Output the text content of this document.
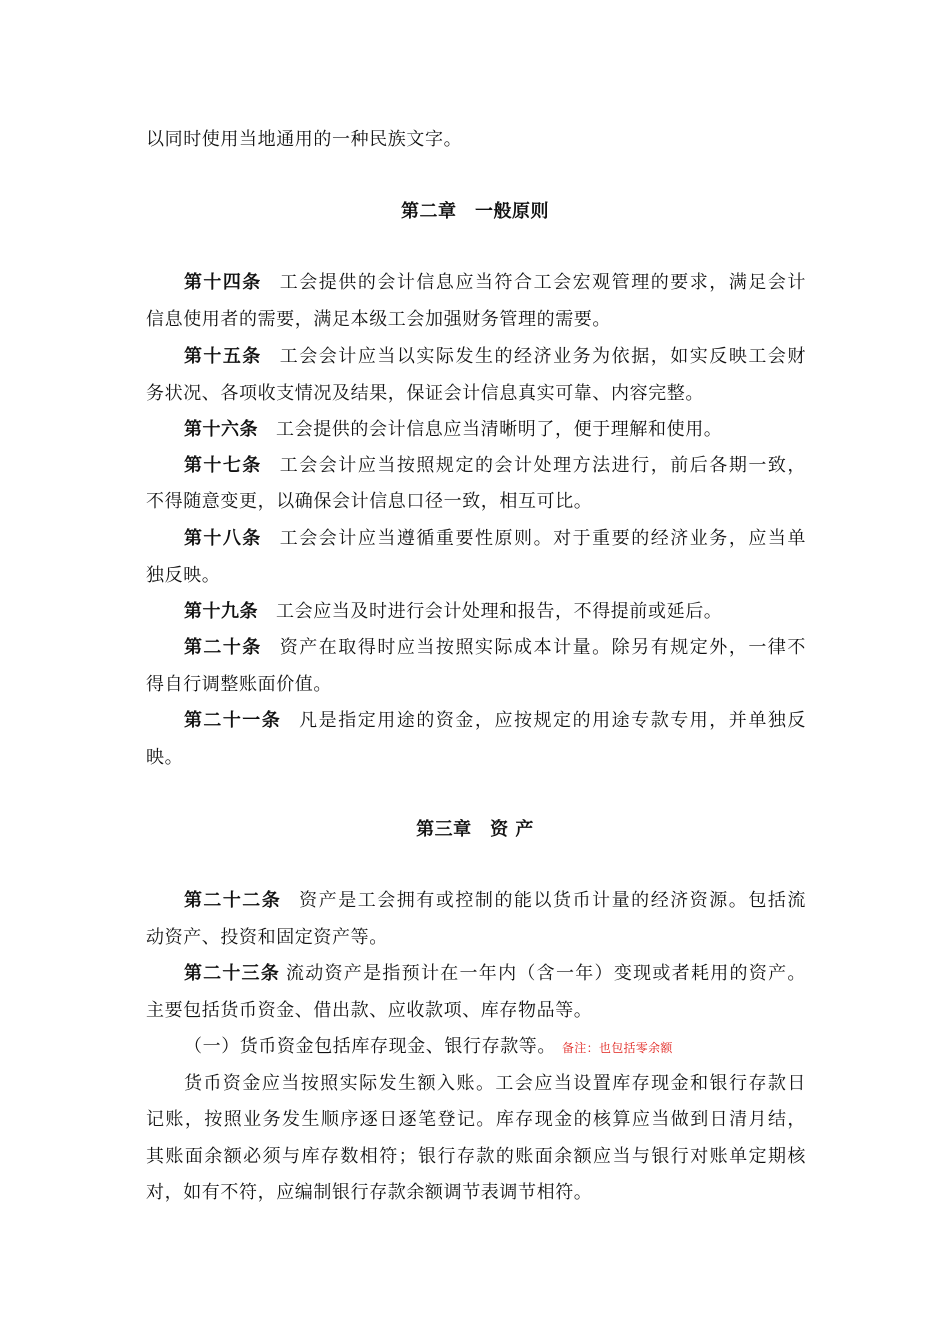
以同时使用当地通用的一种民族文字。
第二章　一般原则
第十四条 工会提供的会计信息应当符合工会宏观管理的要求，满足会计
信息使用者的需要，满足本级工会加强财务管理的需要。
第十五条 工会会计应当以实际发生的经济业务为依据，如实反映工会财
务状况、各项收支情况及结果，保证会计信息真实可靠、内容完整。
第十六条 工会提供的会计信息应当清晰明了，便于理解和使用。
第十七条 工会会计应当按照规定的会计处理方法进行，前后各期一致，
不得随意变更，以确保会计信息口径一致，相互可比。
第十八条 工会会计应当遵循重要性原则。对于重要的经济业务，应当单
独反映。
第十九条 工会应当及时进行会计处理和报告，不得提前或延后。
第二十条 资产在取得时应当按照实际成本计量。除另有规定外，一律不
得自行调整账面价值。
第二十一条 凡是指定用途的资金，应按规定的用途专款专用，并单独反
映。
第三章　资 产
第二十二条 资产是工会拥有或控制的能以货币计量的经济资源。包括流
动资产、投资和固定资产等。
第二十三条 流动资产是指预计在一年内（含一年）变现或者耗用的资产。
主要包括货币资金、借出款、应收款项、库存物品等。
（一）货币资金包括库存现金、银行存款等。 备注：也包括零余额
货币资金应当按照实际发生额入账。工会应当设置库存现金和银行存款日
记账，按照业务发生顺序逐日逐笔登记。库存现金的核算应当做到日清月结，
其账面余额必须与库存数相符；银行存款的账面余额应当与银行对账单定期核
对，如有不符，应编制银行存款余额调节表调节相符。
